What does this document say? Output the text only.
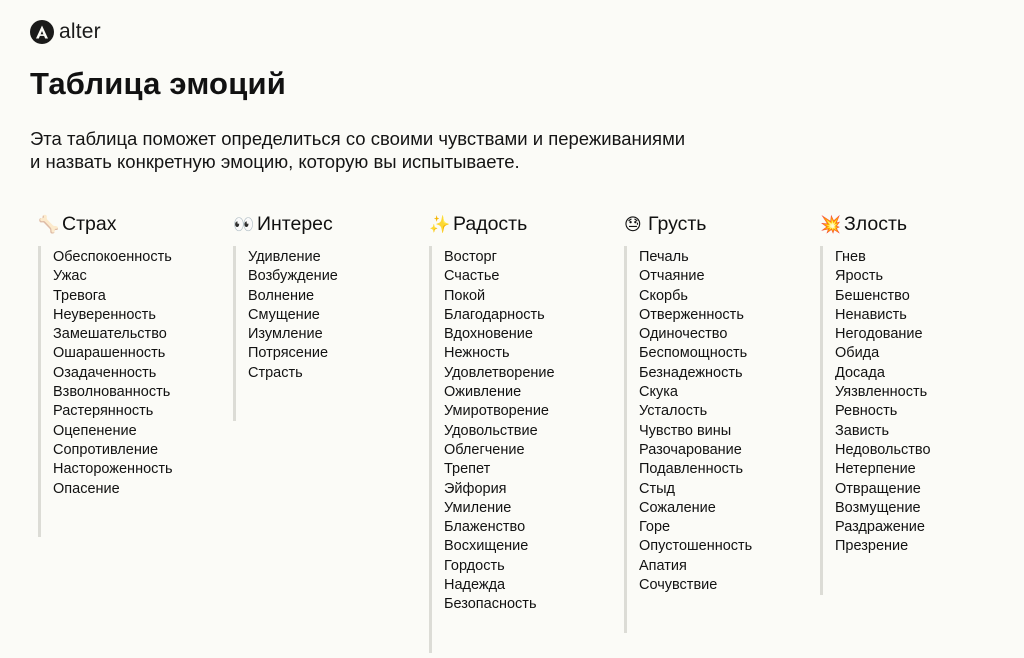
alter
Таблица эмоций
Эта таблица поможет определиться со своими чувствами и переживаниями
и назвать конкретную эмоцию, которую вы испытываете.
🦴 Страх
Обеспокоенность
Ужас
Тревога
Неуверенность
Замешательство
Ошарашенность
Озадаченность
Взволнованность
Растерянность
Оцепенение
Сопротивление
Настороженность
Опасение
👀 Интерес
Удивление
Возбуждение
Волнение
Смущение
Изумление
Потрясение
Страсть
✨ Радость
Восторг
Счастье
Покой
Благодарность
Вдохновение
Нежность
Удовлетворение
Оживление
Умиротворение
Удовольствие
Облегчение
Трепет
Эйфория
Умиление
Блаженство
Восхищение
Гордость
Надежда
Безопасность
😓 Грусть
Печаль
Отчаяние
Скорбь
Отверженность
Одиночество
Беспомощность
Безнадежность
Скука
Усталость
Чувство вины
Разочарование
Подавленность
Стыд
Сожаление
Горе
Опустошенность
Апатия
Сочувствие
💥 Злость
Гнев
Ярость
Бешенство
Ненависть
Негодование
Обида
Досада
Уязвленность
Ревность
Зависть
Недовольство
Нетерпение
Отвращение
Возмущение
Раздражение
Презрение
